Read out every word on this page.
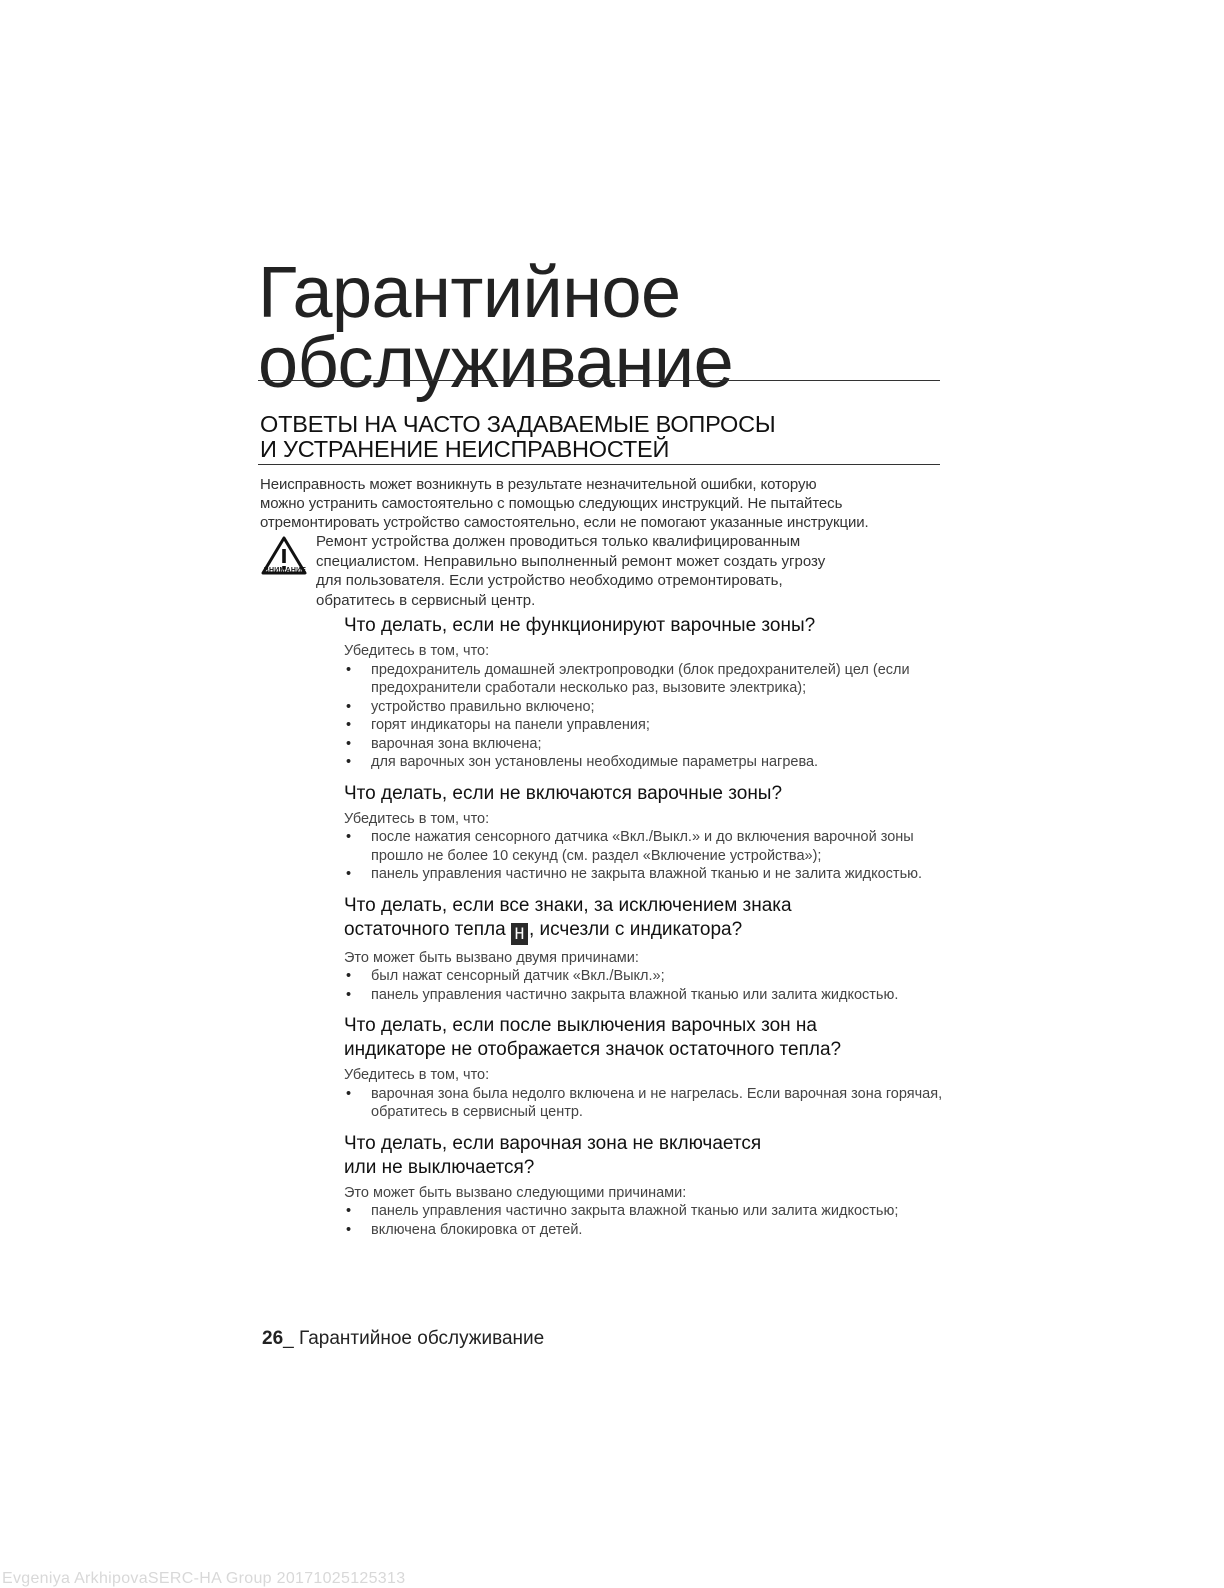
Гарантийное
обслуживание
ОТВЕТЫ НА ЧАСТО ЗАДАВАЕМЫЕ ВОПРОСЫ
И УСТРАНЕНИЕ НЕИСПРАВНОСТЕЙ

Неисправность может возникнуть в результате незначительной ошибки, которую
можно устранить самостоятельно с помощью следующих инструкций. Не пытайтесь
отремонтировать устройство самостоятельно, если не помогают указанные инструкции.

ВНИМАНИЕ

Ремонт устройства должен проводиться только квалифицированным
специалистом. Неправильно выполненный ремонт может создать угрозу
для пользователя. Если устройство необходимо отремонтировать,
обратитесь в сервисный центр.

Что делать, если не функционируют варочные зоны?

Убедитесь в том, что:

• предохранитель домашней электропроводки (блок предохранителей) цел (если предохранители сработали несколько раз, вызовите электрика);
• устройство правильно включено;
• горят индикаторы на панели управления;
• варочная зона включена;
• для варочных зон установлены необходимые параметры нагрева.
Что делать, если не включаются варочные зоны?

Убедитесь в том, что:

• после нажатия сенсорного датчика «Вкл./Выкл.» и до включения варочной зоны прошло не более 10 секунд (см. раздел «Включение устройства»);
• панель управления частично не закрыта влажной тканью и не залита жидкостью.
Что делать, если все знаки, за исключением знака
остаточного тепла H , исчезли с индикатора?

Это может быть вызвано двумя причинами:

• был нажат сенсорный датчик «Вкл./Выкл.»;
• панель управления частично закрыта влажной тканью или залита жидкостью.
Что делать, если после выключения варочных зон на
индикаторе не отображается значок остаточного тепла?

Убедитесь в том, что:

• варочная зона была недолго включена и не нагрелась. Если варочная зона горячая, обратитесь в сервисный центр.
Что делать, если варочная зона не включается
или не выключается?

Это может быть вызвано следующими причинами:

• панель управления частично закрыта влажной тканью или залита жидкостью;
• включена блокировка от детей.
26_ Гарантийное обслуживание
Evgeniya ArkhipovaSERC-HA Group 20171025125313
